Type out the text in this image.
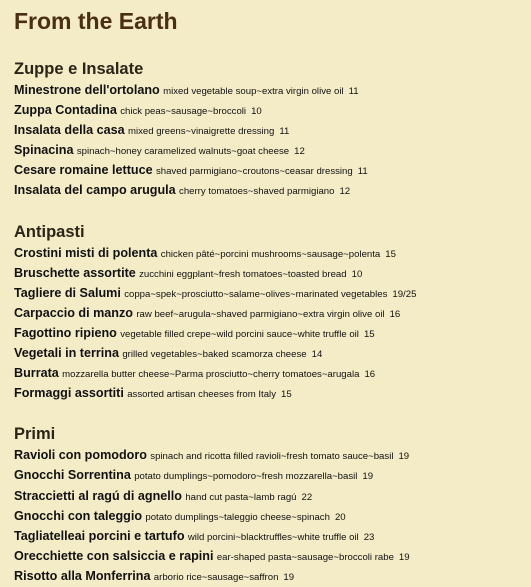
From the Earth
Zuppe e Insalate
Minestrone dell'ortolano mixed vegetable soup~extra virgin olive oil 11
Zuppa Contadina chick peas~sausage~broccoli 10
Insalata della casa mixed greens~vinaigrette dressing 11
Spinacina spinach~honey caramelized walnuts~goat cheese 12
Cesare romaine lettuce shaved parmigiano~croutons~ceasar dressing 11
Insalata del campo arugula cherry tomatoes~shaved parmigiano 12
Antipasti
Crostini misti di polenta chicken pâté~porcini mushrooms~sausage~polenta 15
Bruschette assortite zucchini eggplant~fresh tomatoes~toasted bread 10
Tagliere di Salumi coppa~spek~prosciutto~salame~olives~marinated vegetables 19/25
Carpaccio di manzo raw beef~arugula~shaved parmigiano~extra virgin olive oil 16
Fagottino ripieno vegetable filled crepe~wild porcini sauce~white truffle oil 15
Vegetali in terrina grilled vegetables~baked scamorza cheese 14
Burrata mozzarella butter cheese~Parma prosciutto~cherry tomatoes~arugala 16
Formaggi assortiti assorted artisan cheeses from Italy 15
Primi
Ravioli con pomodoro spinach and ricotta filled ravioli~fresh tomato sauce~basil 19
Gnocchi Sorrentina potato dumplings~pomodoro~fresh mozzarella~basil 19
Straccietti al ragú di agnello hand cut pasta~lamb ragú 22
Gnocchi con taleggio potato dumplings~taleggio cheese~spinach 20
Tagliatelleai porcini e tartufo wild porcini~blacktruffles~white truffle oil 23
Orecchiette con salsiccia e rapini ear-shaped pasta~sausage~broccoli rabe 19
Risotto alla Monferrina arborio rice~sausage~saffron 19
